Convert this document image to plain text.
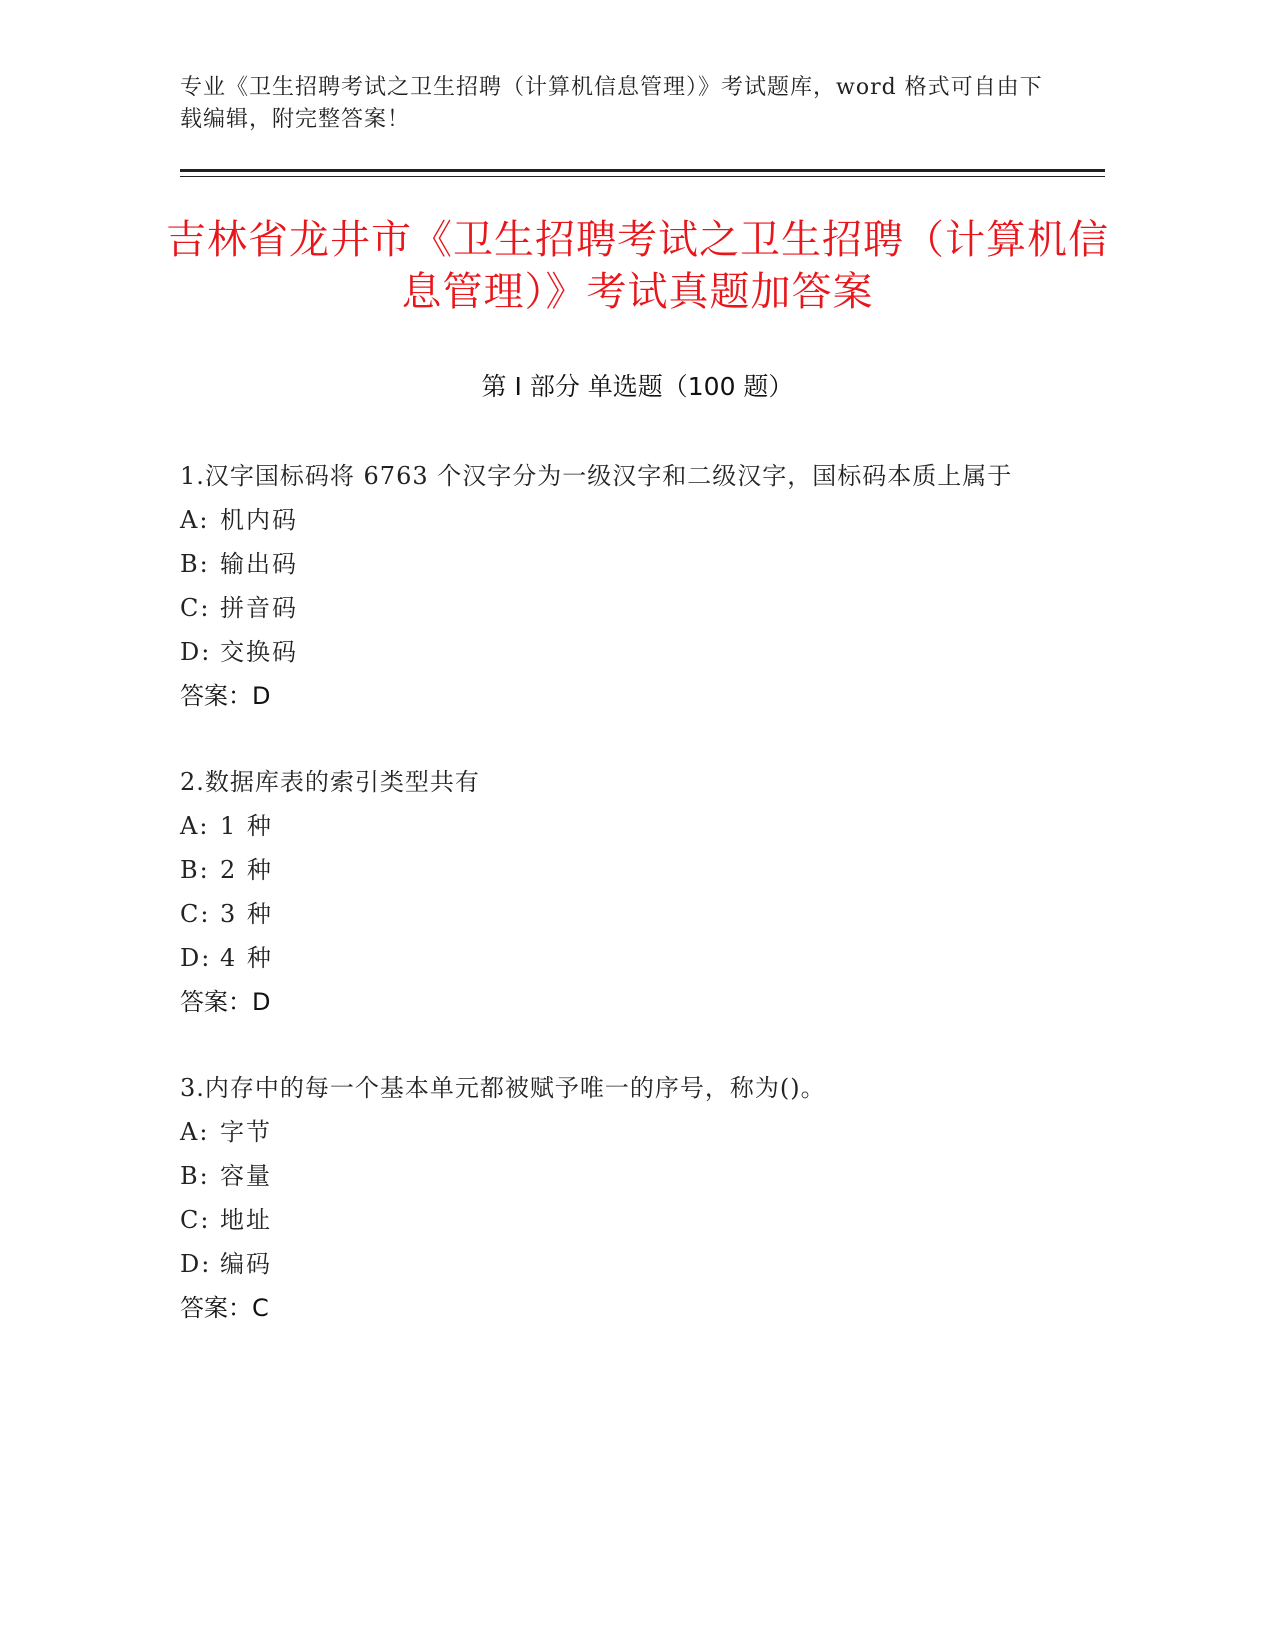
专业《卫生招聘考试之卫生招聘（计算机信息管理）》考试题库，word 格式可自由下载编辑，附完整答案！
吉林省龙井市《卫生招聘考试之卫生招聘（计算机信息管理）》考试真题加答案
第 I 部分 单选题（100 题）
1.汉字国标码将 6763 个汉字分为一级汉字和二级汉字，国标码本质上属于
A: 机内码
B: 输出码
C: 拼音码
D: 交换码
答案：D
2.数据库表的索引类型共有
A: 1 种
B: 2 种
C: 3 种
D: 4 种
答案：D
3.内存中的每一个基本单元都被赋予唯一的序号，称为()。
A: 字节
B: 容量
C: 地址
D: 编码
答案：C
